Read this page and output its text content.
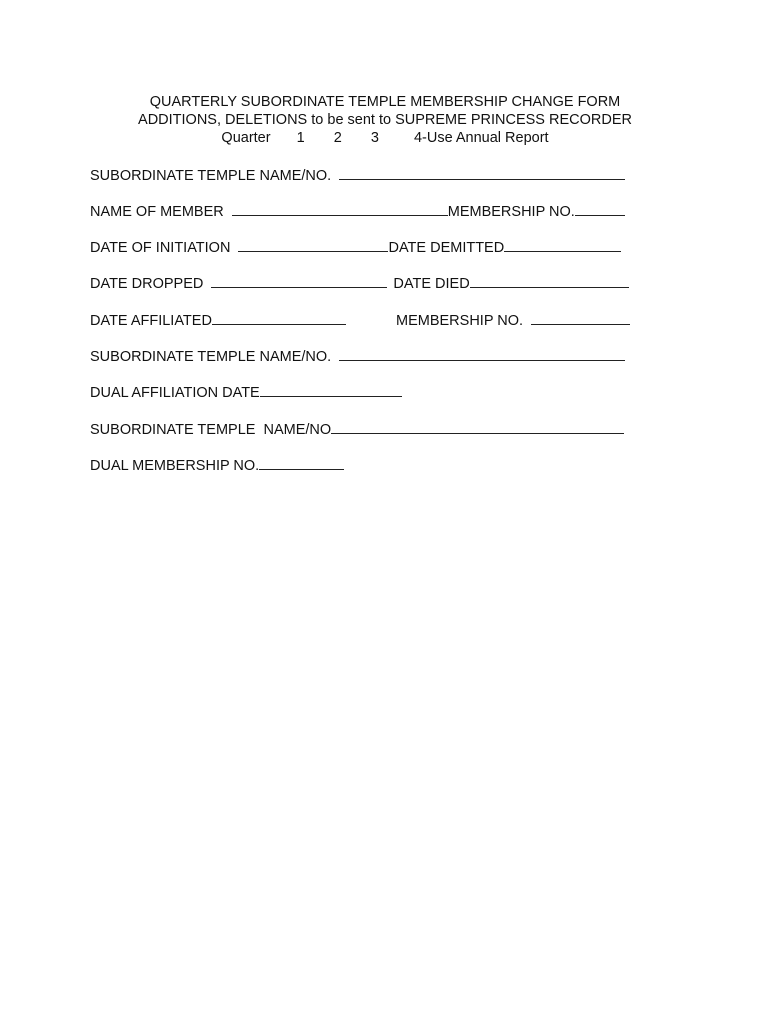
QUARTERLY SUBORDINATE TEMPLE MEMBERSHIP CHANGE FORM
ADDITIONS, DELETIONS to be sent to SUPREME PRINCESS RECORDER
Quarter 1 2 3 4-Use Annual Report
SUBORDINATE TEMPLE NAME/NO.
NAME OF MEMBER	MEMBERSHIP NO.
DATE OF INITIATION	DATE DEMITTED
DATE DROPPED	DATE DIED
DATE AFFILIATED	MEMBERSHIP NO.
SUBORDINATE TEMPLE NAME/NO.
DUAL AFFILIATION DATE
SUBORDINATE TEMPLE  NAME/NO
DUAL MEMBERSHIP NO.
